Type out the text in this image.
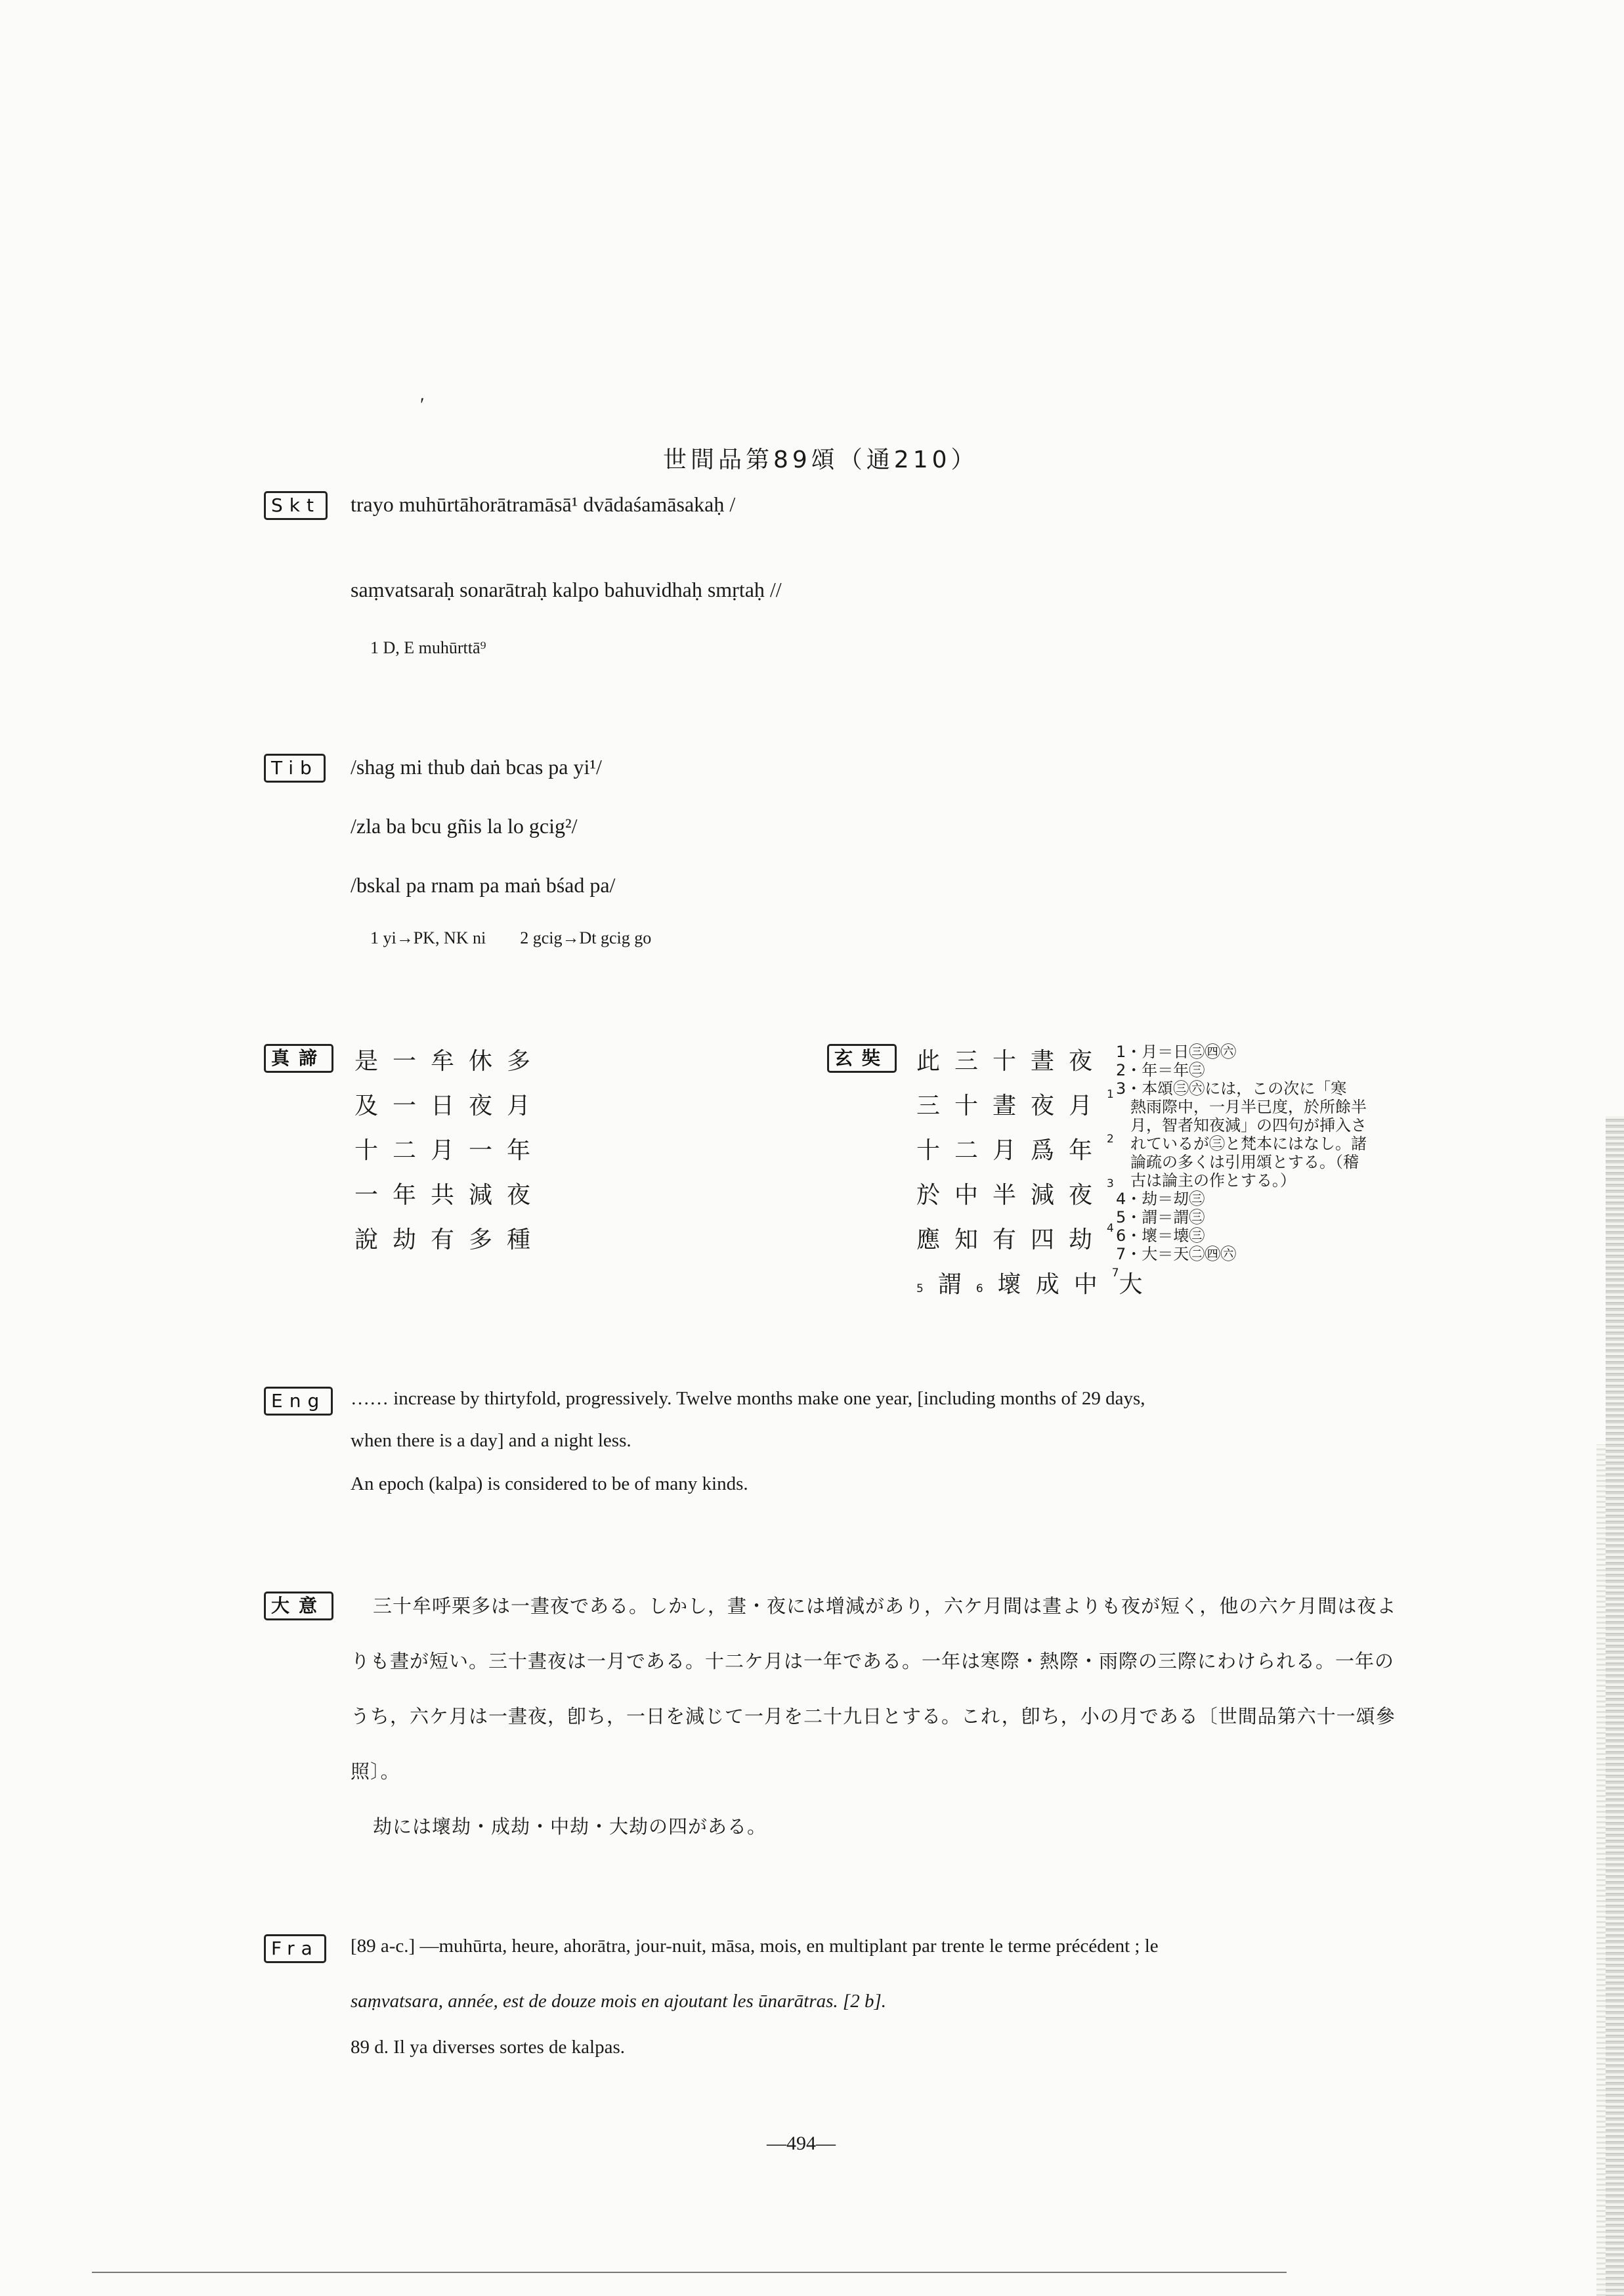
ʹ
世間品第89頌（通210）
Skt	trayo muhūrtāhorātramāsā¹ dvādaśamāsakaḥ /
saṃvatsaraḥ sonarātraḥ kalpo bahuvidhaḥ smṛtaḥ //
1 D, E muhūrttā⁹
Tib	/shag mi thub daṅ bcas pa yi¹/
/zla ba bcu gñis la lo gcig²/
/bskal pa rnam pa maṅ bśad pa/
1 yi→PK, NK ni　　2 gcig→Dt gcig go
真諦	是一牟休多
及一日夜月
十二月一年
一年共減夜
說劫有多種
玄奘	此三十晝夜
三十晝夜月$^1$
十二月爲年$^2$
於中半減夜$^3$
應知有四劫$^4$
5謂6壞成中$^7$大
1・月＝日㊂㊃㊅
2・年＝年㊂
3・本頌㊂㊅には，この次に「寒
熱雨際中，一月半已度，於所餘半
月，智者知夜減」の四句が挿入さ
れているが㊂と梵本にはなし。諸
論疏の多くは引用頌とする。（稽
古は論主の作とする。）
4・劫＝刧㊂
5・謂＝謂㊂
6・壞＝壊㊂
7・大＝天㊁㊃㊅
Eng	…… increase by thirtyfold, progressively. Twelve months make one year, [including months of 29 days,
when there is a day] and a night less.
An epoch (kalpa) is considered to be of many kinds.
大意	三十牟呼栗多は一晝夜である。しかし，晝・夜には增減があり，六ケ月間は晝よりも夜が短く，他の六ケ月間は夜よ
りも晝が短い。三十晝夜は一月である。十二ケ月は一年である。一年は寒際・熱際・雨際の三際にわけられる。一年の
うち，六ケ月は一晝夜，卽ち，一日を減じて一月を二十九日とする。これ，卽ち，小の月である〔世間品第六十一頌參
照〕。
劫には壞劫・成劫・中劫・大劫の四がある。
Fra	[89 a-c.] —muhūrta, heure, ahorātra, jour-nuit, māsa, mois, en multiplant par trente le terme précédent ; le
saṃvatsara, année, est de douze mois en ajoutant les ūnarātras. [2 b].
89 d. Il ya diverses sortes de kalpas.
—494—
